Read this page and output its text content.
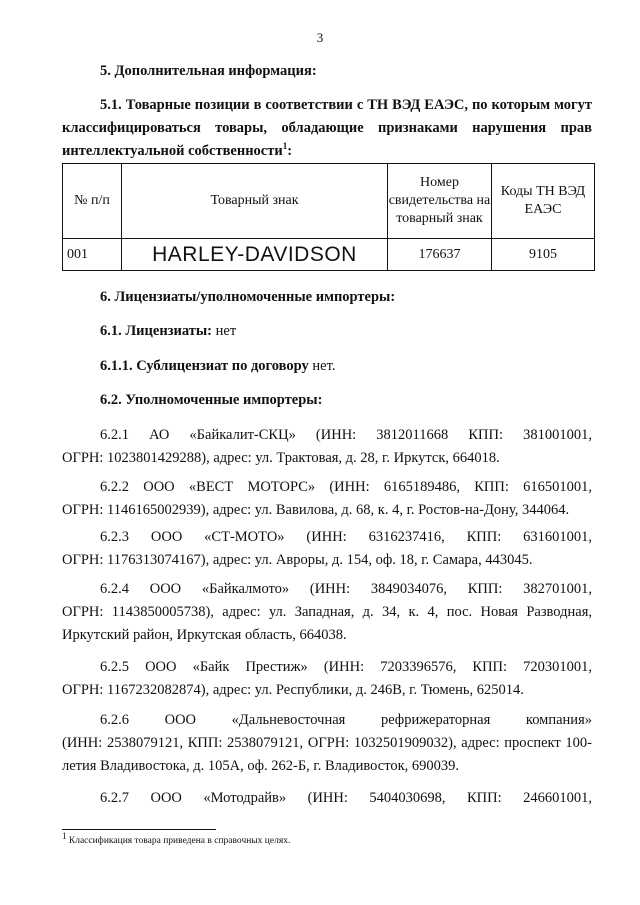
3
5. Дополнительная информация:
5.1. Товарные позиции в соответствии с ТН ВЭД ЕАЭС, по которым могут классифицироваться товары, обладающие признаками нарушения прав интеллектуальной собственности$^1$:
№ п/п	Товарный знак	Номер свидетельства на товарный знак	Коды ТН ВЭД ЕАЭС
001	HARLEY-DAVIDSON	176637	9105
6. Лицензиаты/уполномоченные импортеры:
6.1. Лицензиаты: нет
6.1.1. Сублицензиат по договору нет.
6.2. Уполномоченные импортеры:
6.2.1 АО «Байкалит-СКЦ» (ИНН: 3812011668 КПП: 381001001,
ОГРН: 1023801429288), адрес: ул. Трактовая, д. 28, г. Иркутск, 664018.
6.2.2 ООО «ВЕСТ МОТОРС» (ИНН: 6165189486, КПП: 616501001,
ОГРН: 1146165002939), адрес: ул. Вавилова, д. 68, к. 4, г. Ростов-на-Дону, 344064.
6.2.3 ООО «СТ-МОТО» (ИНН: 6316237416, КПП: 631601001,
ОГРН: 1176313074167), адрес: ул. Авроры, д. 154, оф. 18, г. Самара, 443045.
6.2.4 ООО «Байкалмото» (ИНН: 3849034076, КПП: 382701001,
ОГРН: 1143850005738), адрес: ул. Западная, д. 34, к. 4, пос. Новая Разводная, Иркутский район, Иркутская область, 664038.
6.2.5 ООО «Байк Престиж» (ИНН: 7203396576, КПП: 720301001,
ОГРН: 1167232082874), адрес: ул. Республики, д. 246В, г. Тюмень, 625014.
6.2.6 ООО «Дальневосточная рефрижераторная компания»
(ИНН: 2538079121, КПП: 2538079121, ОГРН: 1032501909032), адрес: проспект 100-летия Владивостока, д. 105А, оф. 262-Б, г. Владивосток, 690039.
6.2.7 ООО «Мотодрайв» (ИНН: 5404030698, КПП: 246601001,
$^1$ Классификация товара приведена в справочных целях.
